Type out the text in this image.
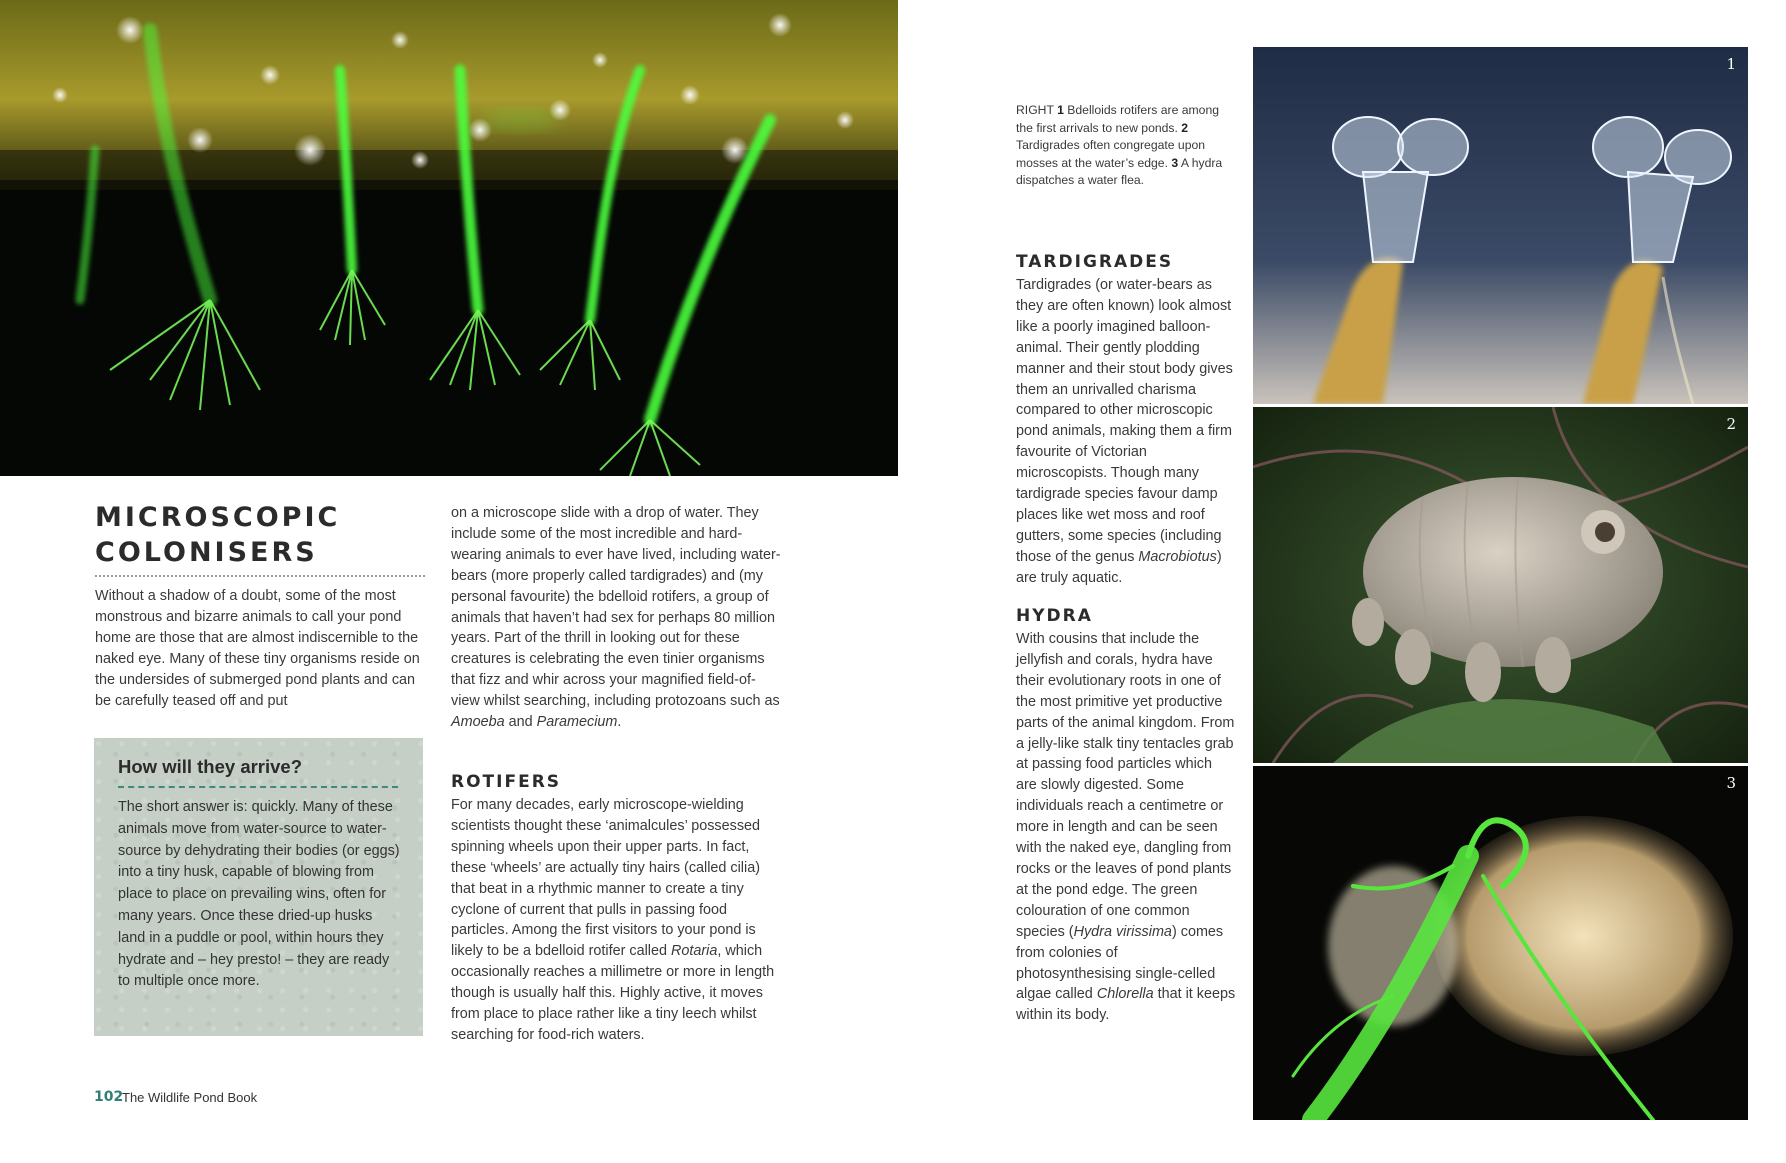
MICROSCOPIC
COLONISERS

Without a shadow of a doubt, some of the most monstrous and bizarre animals to call your pond home are those that are almost indiscernible to the naked eye. Many of these tiny organisms reside on the undersides of submerged pond plants and can be carefully teased off and put

How will they arrive?

The short answer is: quickly. Many of these animals move from water-source to water-source by dehydrating their bodies (or eggs) into a tiny husk, capable of blowing from place to place on prevailing wins, often for many years. Once these dried-up husks land in a puddle or pool, within hours they hydrate and – hey presto! – they are ready to multiple once more.

on a microscope slide with a drop of water. They include some of the most incredible and hard-wearing animals to ever have lived, including water-bears (more properly called tardigrades) and (my personal favourite) the bdelloid rotifers, a group of animals that haven’t had sex for perhaps 80 million years. Part of the thrill in looking out for these creatures is celebrating the even tinier organisms that fizz and whir across your magnified field-of-view whilst searching, including protozoans such as Amoeba and Paramecium.

ROTIFERS

For many decades, early microscope-wielding scientists thought these ‘animalcules’ possessed spinning wheels upon their upper parts. In fact, these ‘wheels’ are actually tiny hairs (called cilia) that beat in a rhythmic manner to create a tiny cyclone of current that pulls in passing food particles. Among the first visitors to your pond is likely to be a bdelloid rotifer called Rotaria, which occasionally reaches a millimetre or more in length though is usually half this. Highly active, it moves from place to place rather like a tiny leech whilst searching for food-rich waters.

RIGHT 1 Bdelloids rotifers are among the first arrivals to new ponds. 2 Tardigrades often congregate upon mosses at the water’s edge. 3 A hydra dispatches a water flea.

TARDIGRADES

Tardigrades (or water-bears as they are often known) look almost like a poorly imagined balloon-animal. Their gently plodding manner and their stout body gives them an unrivalled charisma compared to other microscopic pond animals, making them a firm favourite of Victorian microscopists. Though many tardigrade species favour damp places like wet moss and roof gutters, some species (including those of the genus Macrobiotus) are truly aquatic.

HYDRA

With cousins that include the jellyfish and corals, hydra have their evolutionary roots in one of the most primitive yet productive parts of the animal kingdom. From a jelly-like stalk tiny tentacles grab at passing food particles which are slowly digested. Some individuals reach a centimetre or more in length and can be seen with the naked eye, dangling from rocks or the leaves of pond plants at the pond edge. The green colouration of one common species (Hydra virissima) comes from colonies of photosynthesising single-celled algae called Chlorella that it keeps within its body.

1
2
3
102
The Wildlife Pond Book
